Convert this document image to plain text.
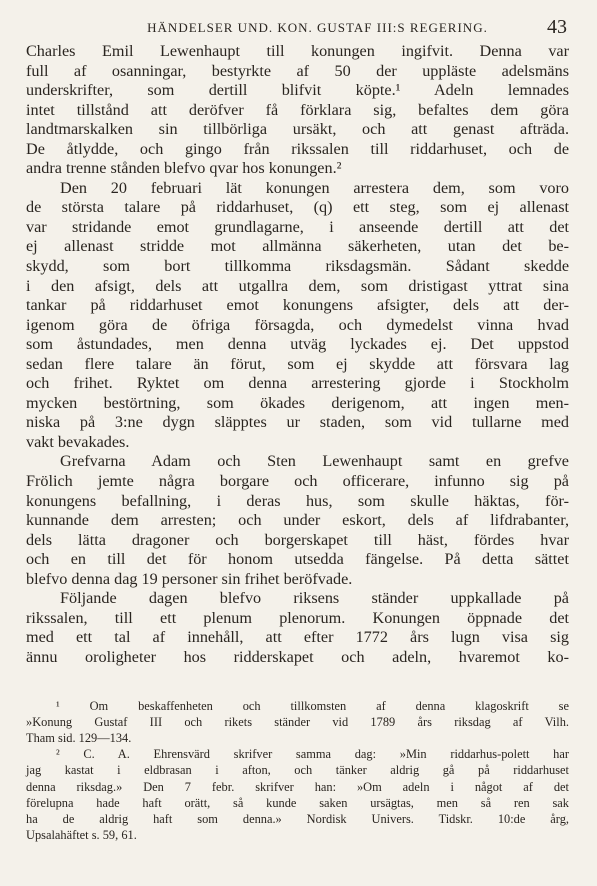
HÄNDELSER UND. KON. GUSTAF III:S REGERING.	43

Charles Emil Lewenhaupt till konungen ingifvit. Denna var
full af osanningar, bestyrkte af 50 der uppläste adelsmäns
underskrifter, som dertill blifvit köpte.¹ Adeln lemnades
intet tillstånd att deröfver få förklara sig, befaltes dem göra
landtmarskalken sin tillbörliga ursäkt, och att genast afträda.
De åtlydde, och gingo från rikssalen till riddarhuset, och de
andra trenne stånden blefvo qvar hos konungen.²

Den 20 februari lät konungen arrestera dem, som voro
de största talare på riddarhuset, (q) ett steg, som ej allenast
var stridande emot grundlagarne, i anseende dertill att det
ej allenast stridde mot allmänna säkerheten, utan det be-
skydd, som bort tillkomma riksdagsmän. Sådant skedde
i den afsigt, dels att utgallra dem, som dristigast yttrat sina
tankar på riddarhuset emot konungens afsigter, dels att der-
igenom göra de öfriga försagda, och dymedelst vinna hvad
som åstundades, men denna utväg lyckades ej. Det uppstod
sedan flere talare än förut, som ej skydde att försvara lag
och frihet. Ryktet om denna arrestering gjorde i Stockholm
mycken bestörtning, som ökades derigenom, att ingen men-
niska på 3:ne dygn släpptes ur staden, som vid tullarne med
vakt bevakades.

Grefvarna Adam och Sten Lewenhaupt samt en grefve
Frölich jemte några borgare och officerare, infunno sig på
konungens befallning, i deras hus, som skulle häktas, för-
kunnande dem arresten; och under eskort, dels af lifdrabanter,
dels lätta dragoner och borgerskapet till häst, fördes hvar
och en till det för honom utsedda fängelse. På detta sättet
blefvo denna dag 19 personer sin frihet beröfvade.

Följande dagen blefvo riksens ständer uppkallade på
rikssalen, till ett plenum plenorum. Konungen öppnade det
med ett tal af innehåll, att efter 1772 års lugn visa sig
ännu oroligheter hos ridderskapet och adeln, hvaremot ko-

¹ Om beskaffenheten och tillkomsten af denna klagoskrift se
»Konung Gustaf III och rikets ständer vid 1789 års riksdag af Vilh.
Tham sid. 129—134.
² C. A. Ehrensvärd skrifver samma dag: »Min riddarhus-polett har
jag kastat i eldbrasan i afton, och tänker aldrig gå på riddarhuset
denna riksdag.» Den 7 febr. skrifver han: »Om adeln i något af det
förelupna hade haft orätt, så kunde saken ursägtas, men så ren sak
ha de aldrig haft som denna.» Nordisk Univers. Tidskr. 10:de årg,
Upsalahäftet s. 59, 61.
